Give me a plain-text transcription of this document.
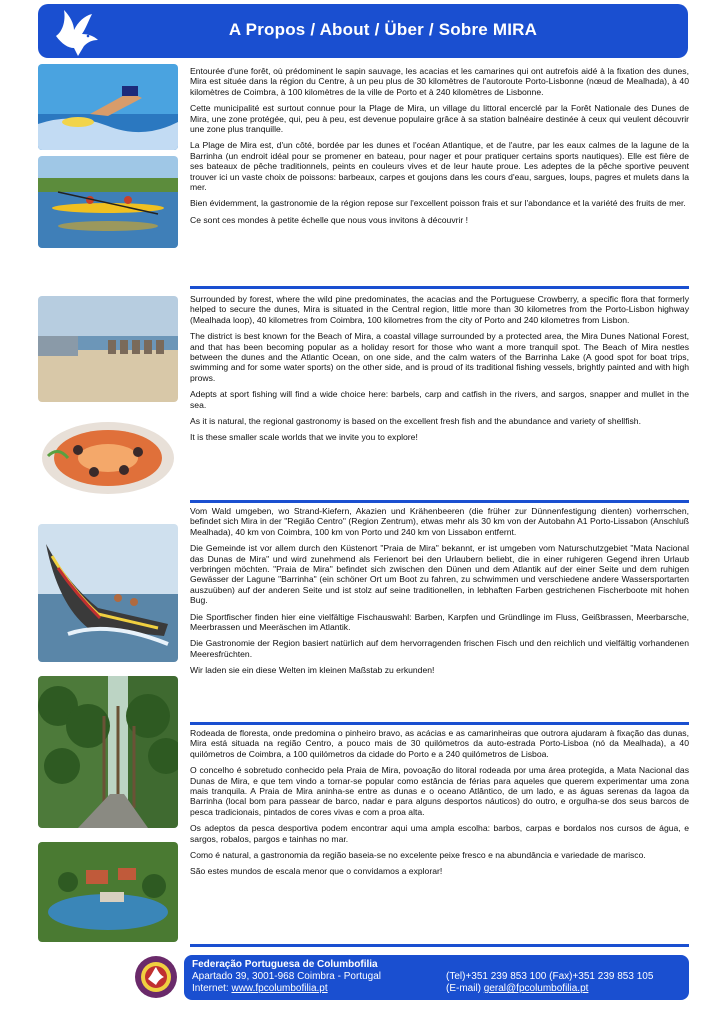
A Propos / About / Über / Sobre MIRA

Entourée d'une forêt, où prédominent le sapin sauvage, les acacias et les camarines qui ont autrefois aidé à la fixation des dunes, Mira est située dans la région du Centre, à un peu plus de 30 kilomètres de l'autoroute Porto-Lisbonne (nœud de Mealhada), à 40 kilomètres de Coimbra, à 100 kilomètres de la ville de Porto et à 240 kilomètres de Lisbonne.

Cette municipalité est surtout connue pour la Plage de Mira, un village du littoral encerclé par la Forêt Nationale des Dunes de Mira, une zone protégée, qui, peu à peu, est devenue populaire grâce à sa station balnéaire destinée à ceux qui veulent découvrir une zone plus tranquille.

La Plage de Mira est, d'un côté, bordée par les dunes et l'océan Atlantique, et de l'autre, par les eaux calmes de la lagune de la Barrinha (un endroit idéal pour se promener en bateau, pour nager et pour pratiquer certains sports nautiques). Elle est fière de ses bateaux de pêche traditionnels, peints en couleurs vives et de leur haute proue. Les adeptes de la pêche sportive peuvent trouver ici un vaste choix de poissons: barbeaux, carpes et goujons dans les cours d'eau, sargues, loups, pagres et mulets dans la mer.

Bien évidemment, la gastronomie de la région repose sur l'excellent poisson frais et sur l'abondance et la variété des fruits de mer.

Ce sont ces mondes à petite échelle que nous vous invitons à découvrir !

Surrounded by forest, where the wild pine predominates, the acacias and the Portuguese Crowberry, a specific flora that formerly helped to secure the dunes, Mira is situated in the Central region, little more than 30 kilometres from the Porto-Lisbon highway (Mealhada loop), 40 kilometres from Coimbra, 100 kilometres from the city of Porto and 240 kilometres from Lisbon.

The district is best known for the Beach of Mira, a coastal village surrounded by a protected area, the Mira Dunes National Forest, and that has been becoming popular as a holiday resort for those who want a more tranquil spot. The Beach of Mira nestles between the dunes and the Atlantic Ocean, on one side, and the calm waters of the Barrinha Lake (A good spot for boat trips, swimming and for some water sports) on the other side, and is proud of its traditional fishing vessels, brightly painted and with high prows.

Adepts at sport fishing will find a wide choice here: barbels, carp and catfish in the rivers, and sargos, snapper and mullet in the sea.

As it is natural, the regional gastronomy is based on the excellent fresh fish and the abundance and variety of shellfish.

It is these smaller scale worlds that we invite you to explore!

Vom Wald umgeben, wo Strand-Kiefern, Akazien und Krähenbeeren (die früher zur Dünnenfestigung dienten) vorherrschen, befindet sich Mira in der "Região Centro" (Region Zentrum), etwas mehr als 30 km von der Autobahn A1 Porto-Lissabon (Anschluß Mealhada), 40 km von Coimbra, 100 km von Porto und 240 km von Lissabon entfernt.

Die Gemeinde ist vor allem durch den Küstenort "Praia de Mira" bekannt, er ist umgeben vom Naturschutzgebiet "Mata Nacional das Dunas de Mira" und wird zunehmend als Ferienort bei den Urlaubern beliebt, die in einer ruhigeren Gegend ihren Urlaub verbringen möchten. "Praia de Mira" befindet sich zwischen den Dünen und dem Atlantik auf der einer Seite und dem ruhigen Gewässer der Lagune "Barrinha" (ein schöner Ort um Boot zu fahren, zu schwimmen und verschiedene andere Wassersportarten auszuüben) auf der anderen Seite und ist stolz auf seine traditionellen, in lebhaften Farben gestrichenen Fischerboote mit hohen Bug.

Die Sportfischer finden hier eine vielfältige Fischauswahl: Barben, Karpfen und Gründlinge im Fluss, Geißbrassen, Meerbarsche, Meerbrassen und Meeräschen im Atlantik.

Die Gastronomie der Region basiert natürlich auf dem hervorragenden frischen Fisch und den reichlich und vielfältig vorhandenen Meeresfrüchten.

Wir laden sie ein diese Welten im kleinen Maßstab zu erkunden!

Rodeada de floresta, onde predomina o pinheiro bravo, as acácias e as camarinheiras que outrora ajudaram à fixação das dunas, Mira está situada na região Centro, a pouco mais de 30 quilómetros da auto-estrada Porto-Lisboa (nó da Mealhada), a 40 quilómetros de Coimbra, a 100 quilómetros da cidade do Porto e a 240 quilómetros de Lisboa.

O concelho é sobretudo conhecido pela Praia de Mira, povoação do litoral rodeada por uma área protegida, a Mata Nacional das Dunas de Mira, e que tem vindo a tornar-se popular como estância de férias para aqueles que querem experimentar uma zona mais tranquila. A Praia de Mira aninha-se entre as dunas e o oceano Atlântico, de um lado, e as águas serenas da lagoa da Barrinha (local bom para passear de barco, nadar e para alguns desportos náuticos) do outro, e orgulha-se dos seus barcos de pesca tradicionais, pintados de cores vivas e com a proa alta.

Os adeptos da pesca desportiva podem encontrar aqui uma ampla escolha: barbos, carpas e bordalos nos cursos de água, e sargos, robalos, pargos e tainhas no mar.

Como é natural, a gastronomia da região baseia-se no excelente peixe fresco e na abundância e variedade de marisco.

São estes mundos de escala menor que o convidamos a explorar!

Federação Portuguesa de Columbofilia
Apartado 39, 3001-968 Coimbra - Portugal
Internet: www.fpcolumbofilia.pt
(Tel)+351 239 853 100 (Fax)+351 239 853 105
(E-mail) geral@fpcolumbofilia.pt
